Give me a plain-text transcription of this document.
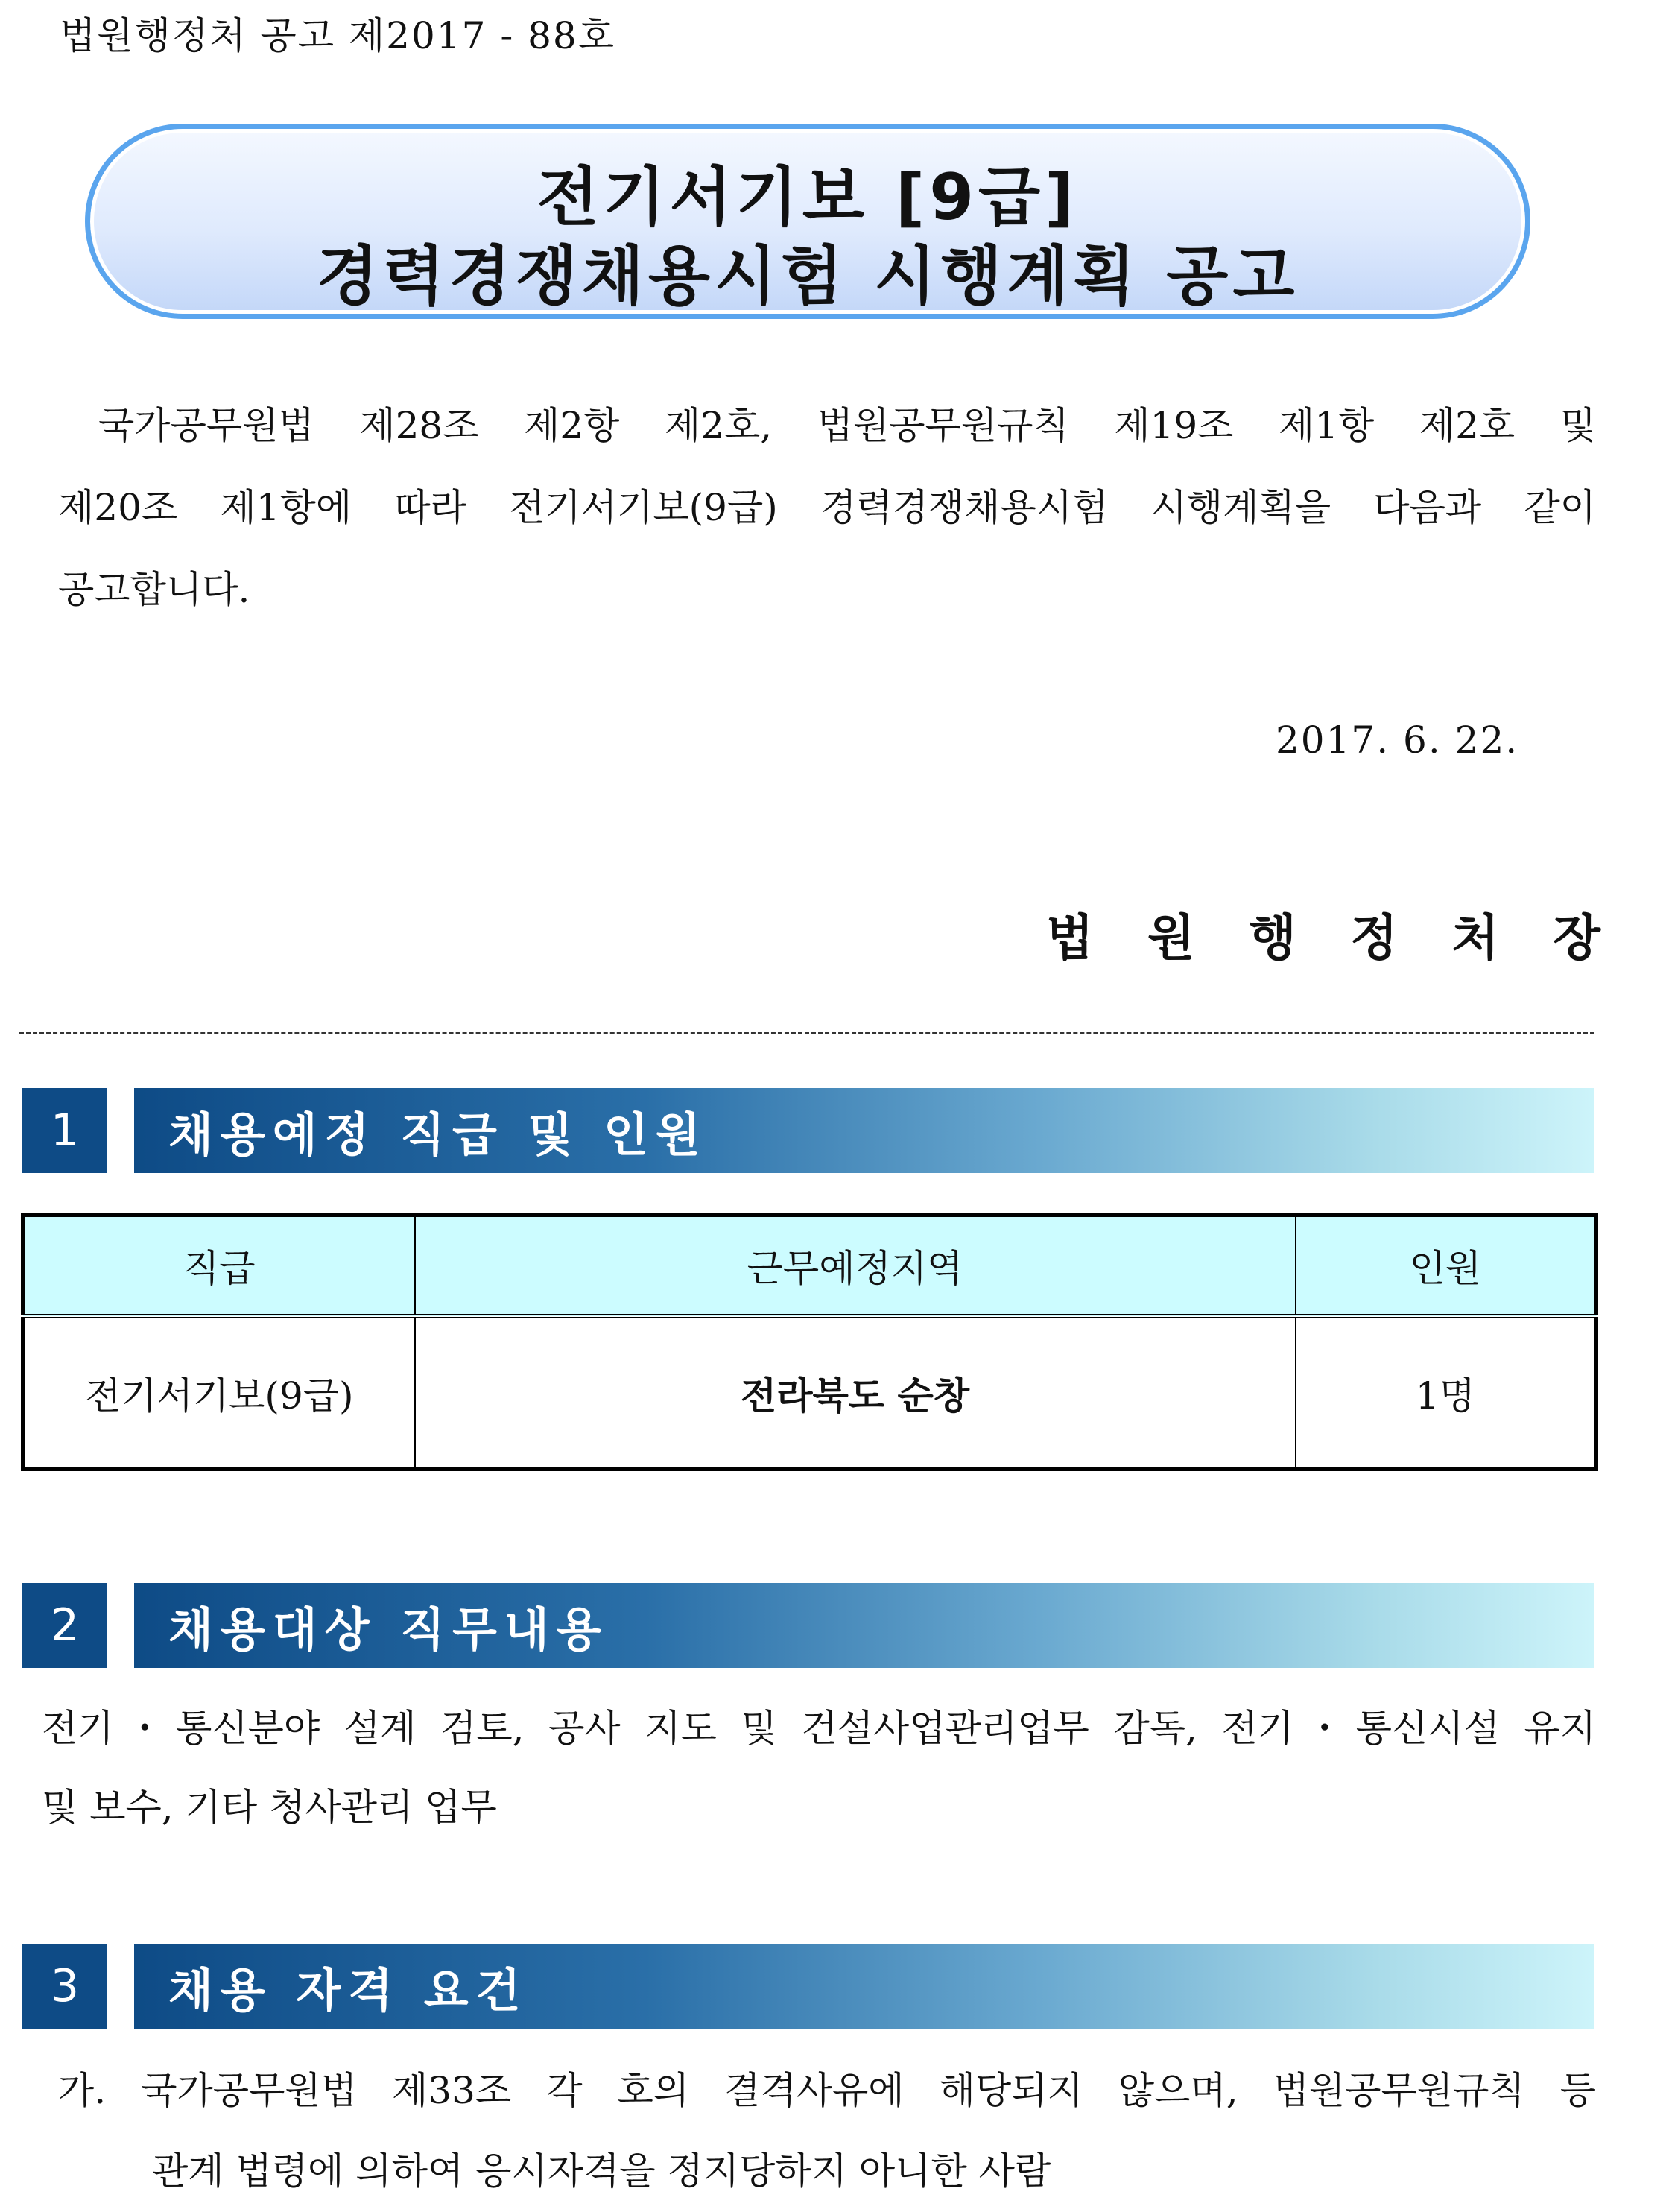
법원행정처 공고 제2017 - 88호
전기서기보 [9급]
경력경쟁채용시험 시행계획 공고
국가공무원법 제28조 제2항 제2호, 법원공무원규칙 제19조 제1항 제2호 및
제20조 제1항에 따라 전기서기보(9급) 경력경쟁채용시험 시행계획을 다음과 같이
공고합니다.
2017. 6. 22.
법 원 행 정 처 장
1	채용예정 직급 및 인원
직급	근무예정지역	인원
전기서기보(9급)	전라북도 순창	1명
2	채용대상 직무내용
전기・통신분야 설계 검토, 공사 지도 및 건설사업관리업무 감독, 전기・통신시설 유지
및 보수, 기타 청사관리 업무
3	채용 자격 요건
가. 국가공무원법 제33조 각 호의 결격사유에 해당되지 않으며, 법원공무원규칙 등
관계 법령에 의하여 응시자격을 정지당하지 아니한 사람
